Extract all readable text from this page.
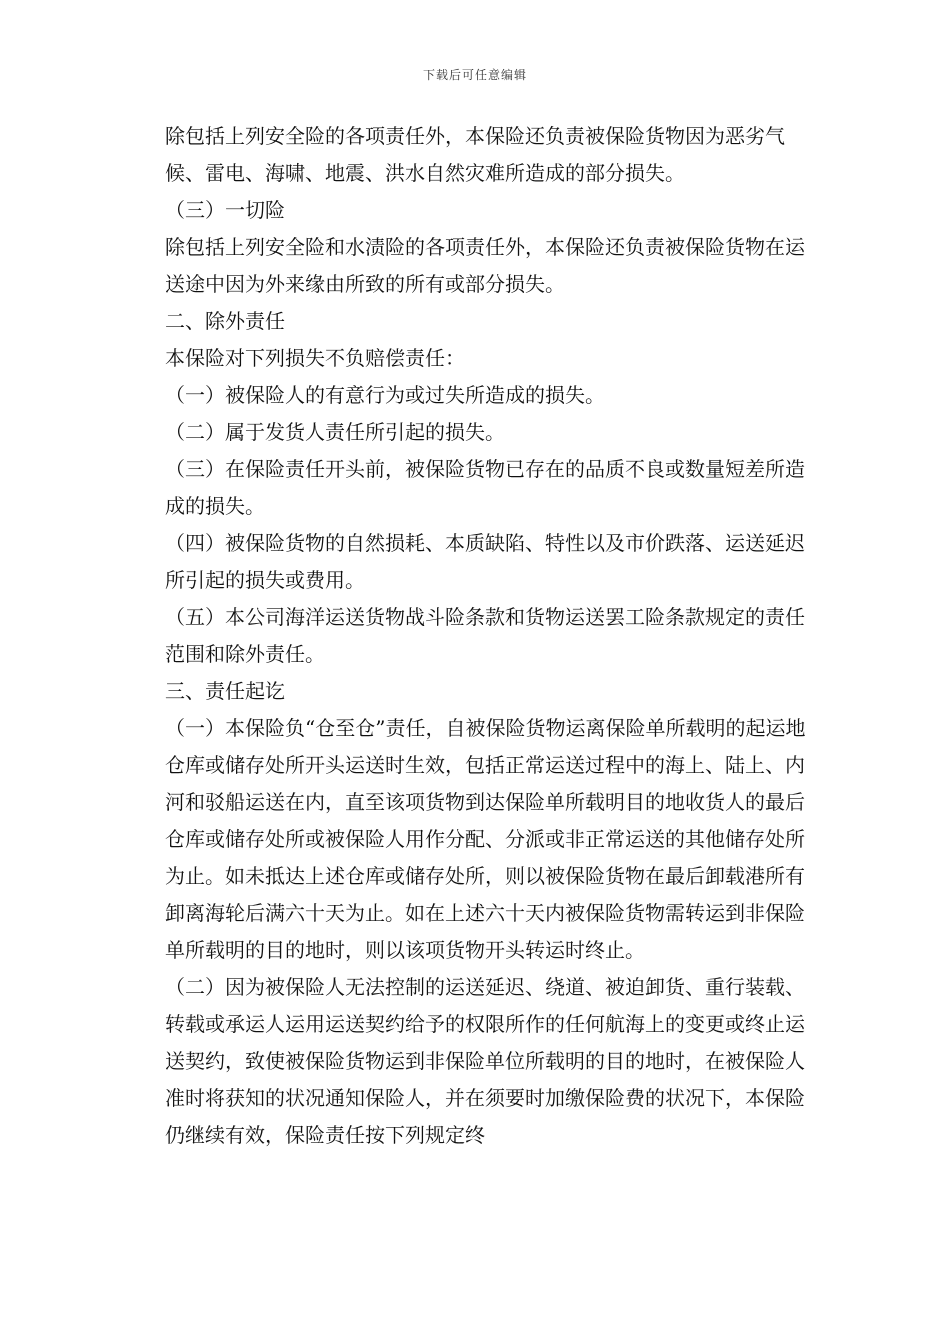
下载后可任意编辑

除包括上列安全险的各项责任外，本保险还负责被保险货物因为恶劣气候、雷电、海啸、地震、洪水自然灾难所造成的部分损失。

（三）一切险

除包括上列安全险和水渍险的各项责任外，本保险还负责被保险货物在运送途中因为外来缘由所致的所有或部分损失。

二、除外责任

本保险对下列损失不负赔偿责任：

（一）被保险人的有意行为或过失所造成的损失。

（二）属于发货人责任所引起的损失。

（三）在保险责任开头前，被保险货物已存在的品质不良或数量短差所造成的损失。

（四）被保险货物的自然损耗、本质缺陷、特性以及市价跌落、运送延迟所引起的损失或费用。

（五）本公司海洋运送货物战斗险条款和货物运送罢工险条款规定的责任范围和除外责任。

三、责任起讫

（一）本保险负“仓至仓”责任，自被保险货物运离保险单所载明的起运地仓库或储存处所开头运送时生效，包括正常运送过程中的海上、陆上、内河和驳船运送在内，直至该项货物到达保险单所载明目的地收货人的最后仓库或储存处所或被保险人用作分配、分派或非正常运送的其他储存处所为止。如未抵达上述仓库或储存处所，则以被保险货物在最后卸载港所有卸离海轮后满六十天为止。如在上述六十天内被保险货物需转运到非保险单所载明的目的地时，则以该项货物开头转运时终止。

（二）因为被保险人无法控制的运送延迟、绕道、被迫卸货、重行装载、转载或承运人运用运送契约给予的权限所作的任何航海上的变更或终止运送契约，致使被保险货物运到非保险单位所载明的目的地时，在被保险人准时将获知的状况通知保险人，并在须要时加缴保险费的状况下，本保险仍继续有效，保险责任按下列规定终
